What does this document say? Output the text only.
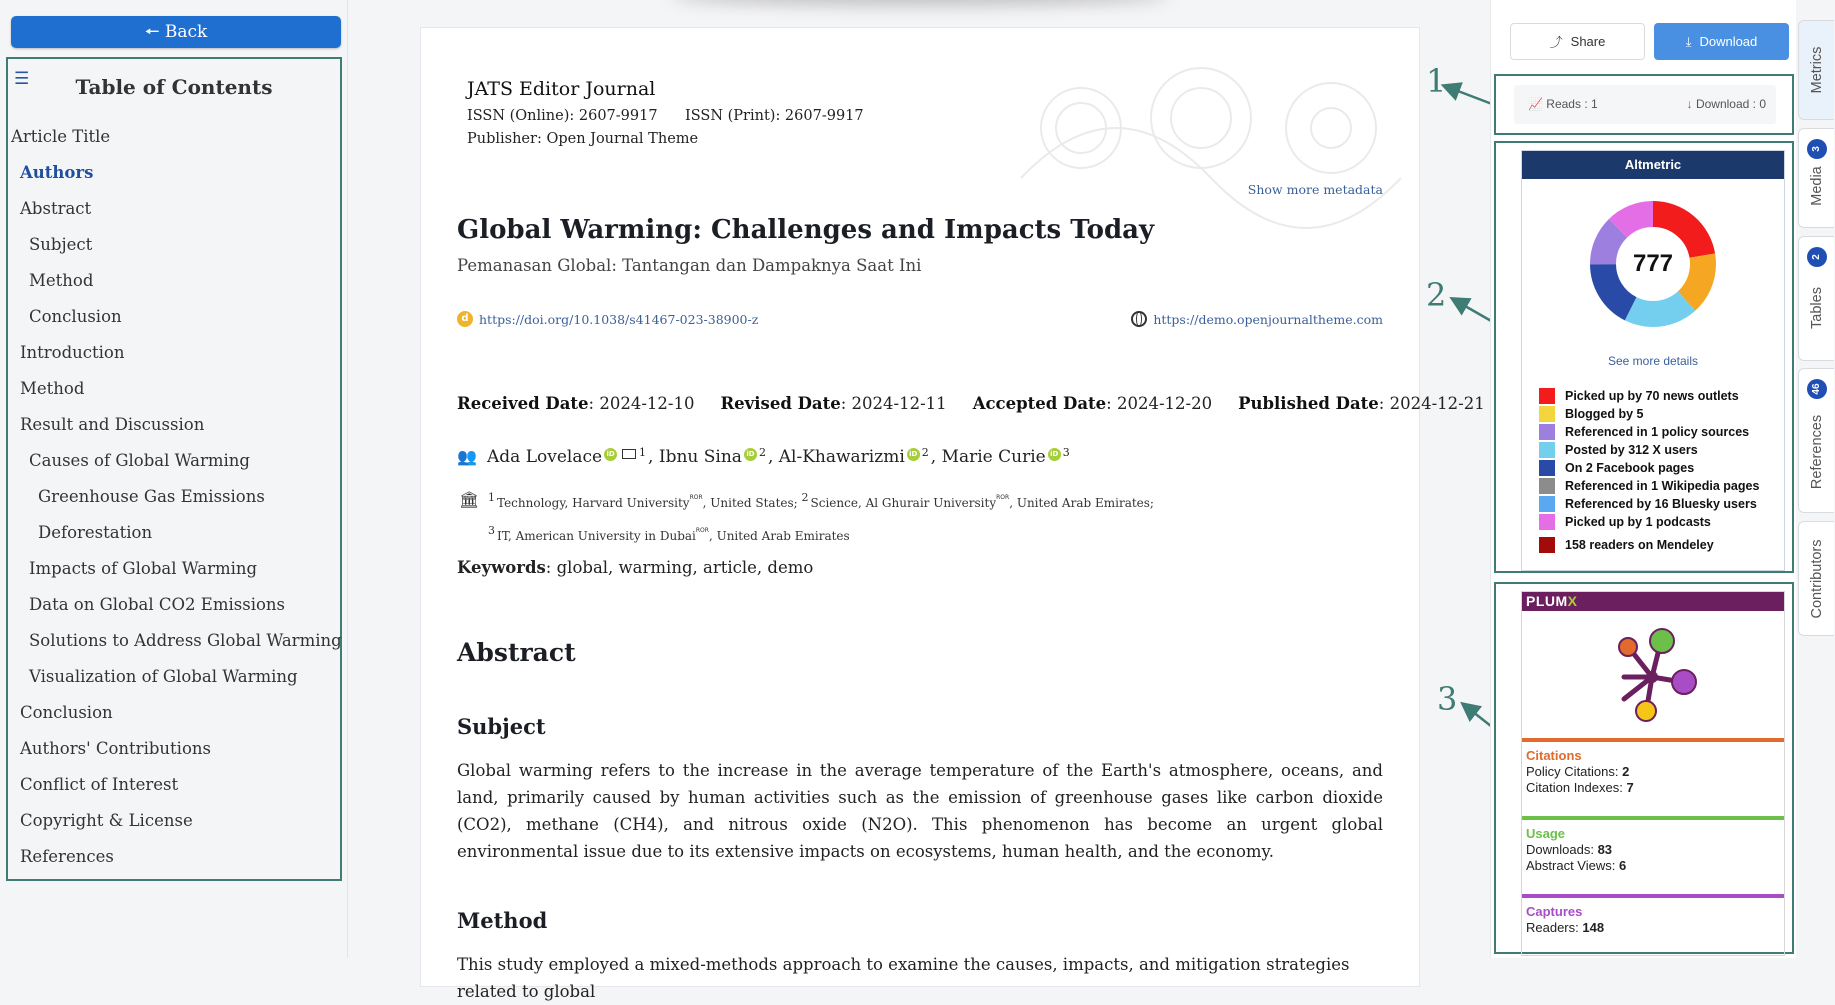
🠔 Back
☰	Table of Contents
Article Title
Authors
Abstract
Subject
Method
Conclusion
Introduction
Method
Result and Discussion
Causes of Global Warming
Greenhouse Gas Emissions
Deforestation
Impacts of Global Warming
Data on Global CO2 Emissions
Solutions to Address Global Warming
Visualization of Global Warming
Conclusion
Authors' Contributions
Conflict of Interest
Copyright & License
References
JATS Editor Journal
ISSN (Online): 2607-9917 ISSN (Print): 2607-9917
Publisher: Open Journal Theme
Show more metadata
Global Warming: Challenges and Impacts Today
Pemanasan Global: Tantangan dan Dampaknya Saat Ini
d https://doi.org/10.1038/s41467-023-38900-z	https://demo.openjournaltheme.com
Received Date: 2024-12-10 Revised Date: 2024-12-11 Accepted Date: 2024-12-20 Published Date: 2024-12-21
👥 Ada Lovelace iD $^1$ , Ibnu Sina iD $^2$ , Al-Khawarizmi iD $^2$ , Marie Curie iD $^3$
🏛 1 Technology, Harvard University$^{ROR}$, United States; 2 Science, Al Ghurair University$^{ROR}$, United Arab Emirates;
3 IT, American University in Dubai$^{ROR}$, United Arab Emirates
Keywords: global, warming, article, demo
Abstract
Subject

Global warming refers to the increase in the average temperature of the Earth's atmosphere, oceans, and land, primarily caused by human activities such as the emission of greenhouse gases like carbon dioxide (CO2), methane (CH4), and nitrous oxide (N2O). This phenomenon has become an urgent global environmental issue due to its extensive impacts on ecosystems, human health, and the economy.

Method

This study employed a mixed-methods approach to examine the causes, impacts, and mitigation strategies related to global

1
2
3
⤴ Share	⤓ Download
📈 Reads : 1	↓ Download : 0
Altmetric
777
See more details
Picked up by 70 news outlets
Blogged by 5
Referenced in 1 policy sources
Posted by 312 X users
On 2 Facebook pages
Referenced in 1 Wikipedia pages
Referenced by 16 Bluesky users
Picked up by 1 podcasts
158 readers on Mendeley
PLUMX
Citations
Policy Citations: 2
Citation Indexes: 7
Usage
Downloads: 83
Abstract Views: 6
Captures
Readers: 148
Metrics
3
Media
2
Tables
46
References
Contributors
